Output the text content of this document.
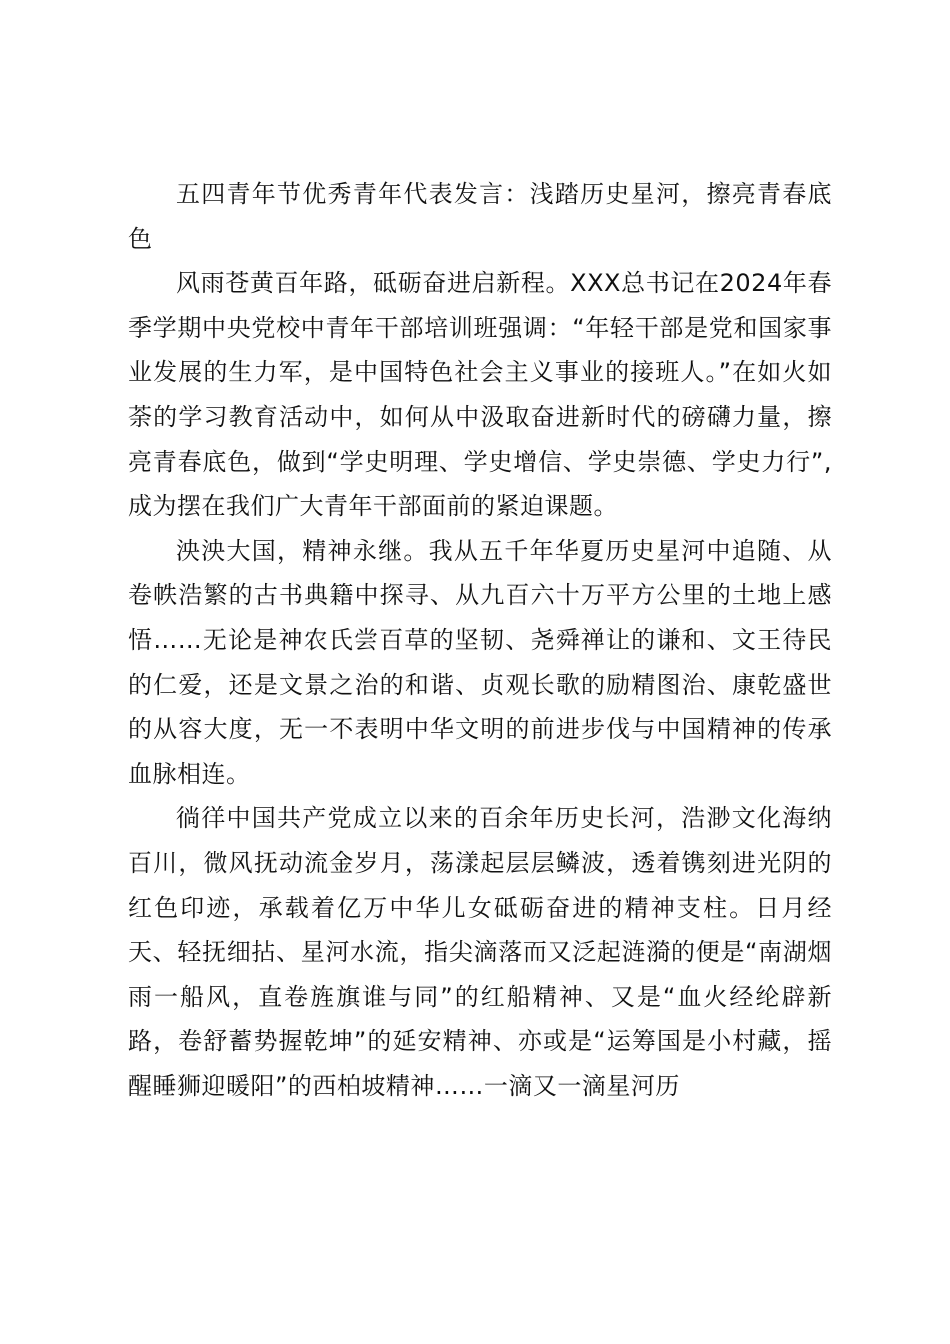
五四青年节优秀青年代表发言：浅踏历史星河，擦亮青春底色

风雨苍黄百年路，砥砺奋进启新程。XXX总书记在2024年春季学期中央党校中青年干部培训班强调：“年轻干部是党和国家事业发展的生力军，是中国特色社会主义事业的接班人。”在如火如荼的学习教育活动中，如何从中汲取奋进新时代的磅礴力量，擦亮青春底色，做到“学史明理、学史增信、学史崇德、学史力行”,成为摆在我们广大青年干部面前的紧迫课题。

泱泱大国，精神永继。我从五千年华夏历史星河中追随、从卷帙浩繁的古书典籍中探寻、从九百六十万平方公里的土地上感悟……无论是神农氏尝百草的坚韧、尧舜禅让的谦和、文王待民的仁爱，还是文景之治的和谐、贞观长歌的励精图治、康乾盛世的从容大度，无一不表明中华文明的前进步伐与中国精神的传承血脉相连。

徜徉中国共产党成立以来的百余年历史长河，浩渺文化海纳百川，微风抚动流金岁月，荡漾起层层鳞波，透着镌刻进光阴的红色印迹，承载着亿万中华儿女砥砺奋进的精神支柱。日月经天、轻抚细拈、星河水流，指尖滴落而又泛起涟漪的便是“南湖烟雨一船风，直卷旌旗谁与同”的红船精神、又是“血火经纶辟新路，卷舒蓄势握乾坤”的延安精神、亦或是“运筹国是小村藏，摇醒睡狮迎暖阳”的西柏坡精神……一滴又一滴星河历
